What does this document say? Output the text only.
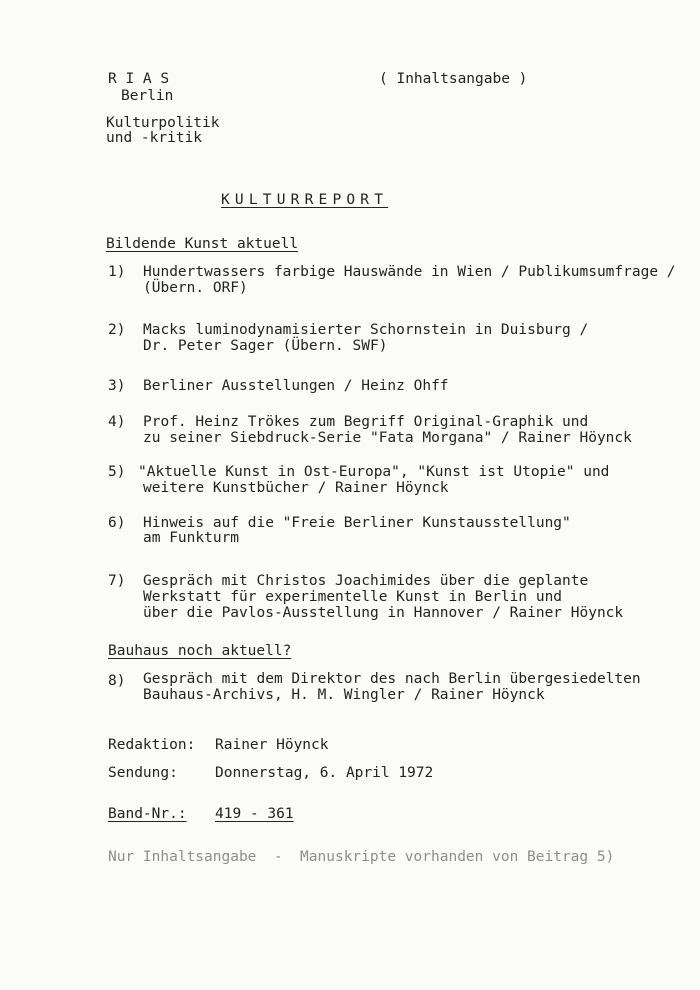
R I A S
Berlin
( Inhaltsangabe )
Kulturpolitik
und -kritik
KULTURREPORT
Bildende Kunst aktuell
1) Hundertwassers farbige Hauswände in Wien / Publikumsumfrage /
(Übern. ORF)
2) Macks luminodynamisierter Schornstein in Duisburg /
Dr. Peter Sager (Übern. SWF)
3) Berliner Ausstellungen / Heinz Ohff
4) Prof. Heinz Trökes zum Begriff Original-Graphik und
zu seiner Siebdruck-Serie "Fata Morgana" / Rainer Höynck
5) "Aktuelle Kunst in Ost-Europa", "Kunst ist Utopie" und
weitere Kunstbücher / Rainer Höynck
6) Hinweis auf die "Freie Berliner Kunstausstellung"
am Funkturm
7) Gespräch mit Christos Joachimides über die geplante
Werkstatt für experimentelle Kunst in Berlin und
über die Pavlos-Ausstellung in Hannover / Rainer Höynck
Bauhaus noch aktuell?
8) Gespräch mit dem Direktor des nach Berlin übergesiedelten
Bauhaus-Archivs, H. M. Wingler / Rainer Höynck
Redaktion: Rainer Höynck
Sendung:	Donnerstag, 6. April 1972
Band-Nr.: 419 - 361
Nur Inhaltsangabe  -  Manuskripte vorhanden von Beitrag 5)
